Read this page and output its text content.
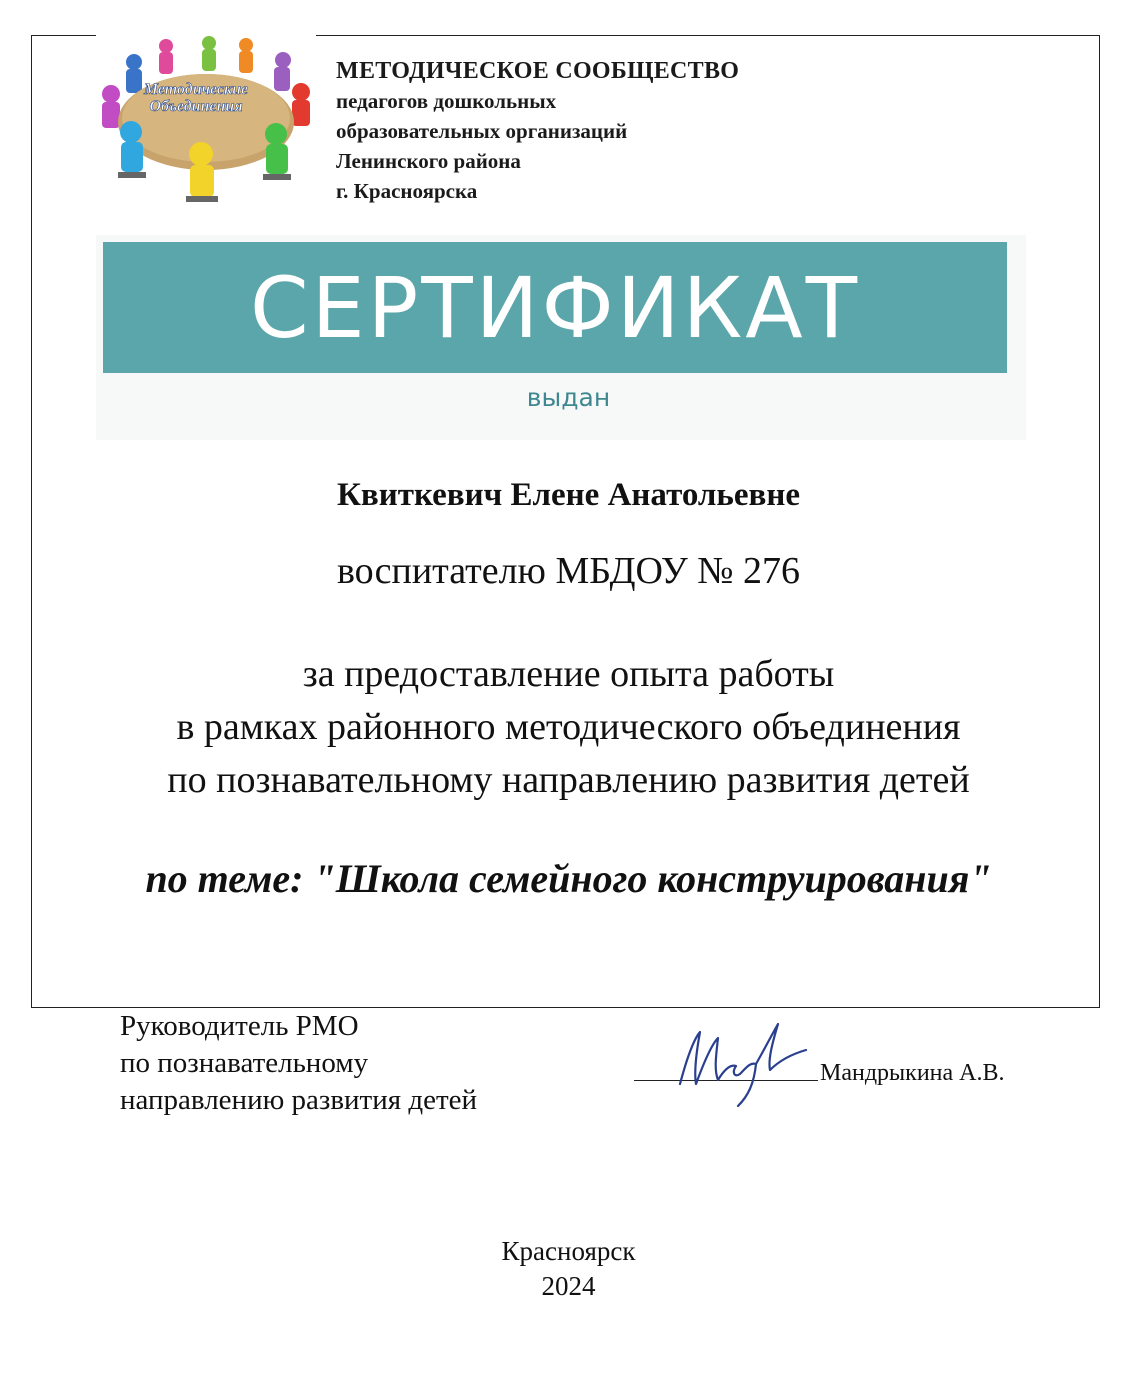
Методические
Объединения
МЕТОДИЧЕСКОЕ СООБЩЕСТВО
педагогов дошкольных
образовательных организаций
Ленинского района
г. Красноярска
СЕРТИФИКАТ
выдан
Квиткевич Елене Анатольевне
воспитателю МБДОУ № 276
за предоставление опыта работы
в рамках районного методического объединения
по познавательному направлению развития детей
по теме: "Школа семейного конструирования"
Руководитель РМО
по познавательному
направлению развития детей
Мандрыкина А.В.
Красноярск
2024
